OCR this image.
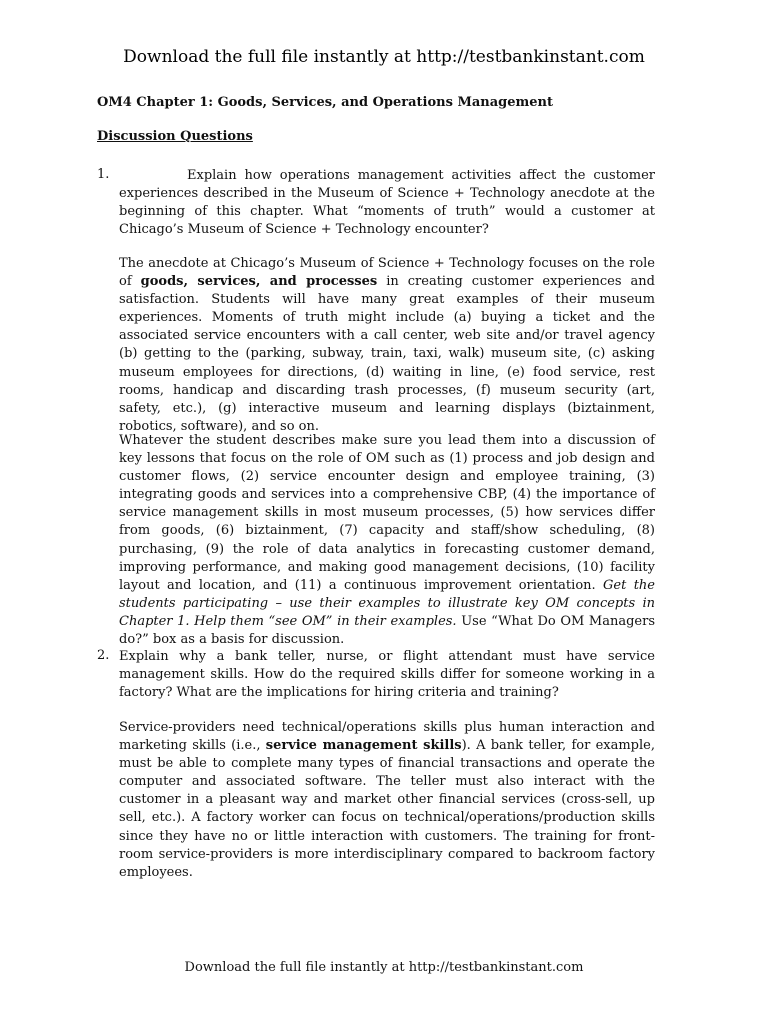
Download the full file instantly at http://testbankinstant.com
OM4 Chapter 1: Goods, Services, and Operations Management
Discussion Questions
1.	Explain how operations management activities affect the customer experiences described in the Museum of Science + Technology anecdote at the beginning of this chapter. What “moments of truth” would a customer at Chicago’s Museum of Science + Technology encounter?
The anecdote at Chicago’s Museum of Science + Technology focuses on the role of goods, services, and processes in creating customer experiences and satisfaction. Students will have many great examples of their museum experiences. Moments of truth might include (a) buying a ticket and the associated service encounters with a call center, web site and/or travel agency (b) getting to the (parking, subway, train, taxi, walk) museum site, (c) asking museum employees for directions, (d) waiting in line, (e) food service, rest rooms, handicap and discarding trash processes, (f) museum security (art, safety, etc.), (g) interactive museum and learning displays (biztainment, robotics, software), and so on.
Whatever the student describes make sure you lead them into a discussion of key lessons that focus on the role of OM such as (1) process and job design and customer flows, (2) service encounter design and employee training, (3) integrating goods and services into a comprehensive CBP, (4) the importance of service management skills in most museum processes, (5) how services differ from goods, (6) biztainment, (7) capacity and staff/show scheduling, (8) purchasing, (9) the role of data analytics in forecasting customer demand, improving performance, and making good management decisions, (10) facility layout and location, and (11) a continuous improvement orientation. Get the students participating – use their examples to illustrate key OM concepts in Chapter 1. Help them “see OM” in their examples. Use “What Do OM Managers do?” box as a basis for discussion.
2. Explain why a bank teller, nurse, or flight attendant must have service management skills. How do the required skills differ for someone working in a factory? What are the implications for hiring criteria and training?
Service-providers need technical/operations skills plus human interaction and marketing skills (i.e., service management skills). A bank teller, for example, must be able to complete many types of financial transactions and operate the computer and associated software. The teller must also interact with the customer in a pleasant way and market other financial services (cross-sell, up sell, etc.). A factory worker can focus on technical/operations/production skills since they have no or little interaction with customers. The training for front-room service-providers is more interdisciplinary compared to backroom factory employees.
Download the full file instantly at http://testbankinstant.com
